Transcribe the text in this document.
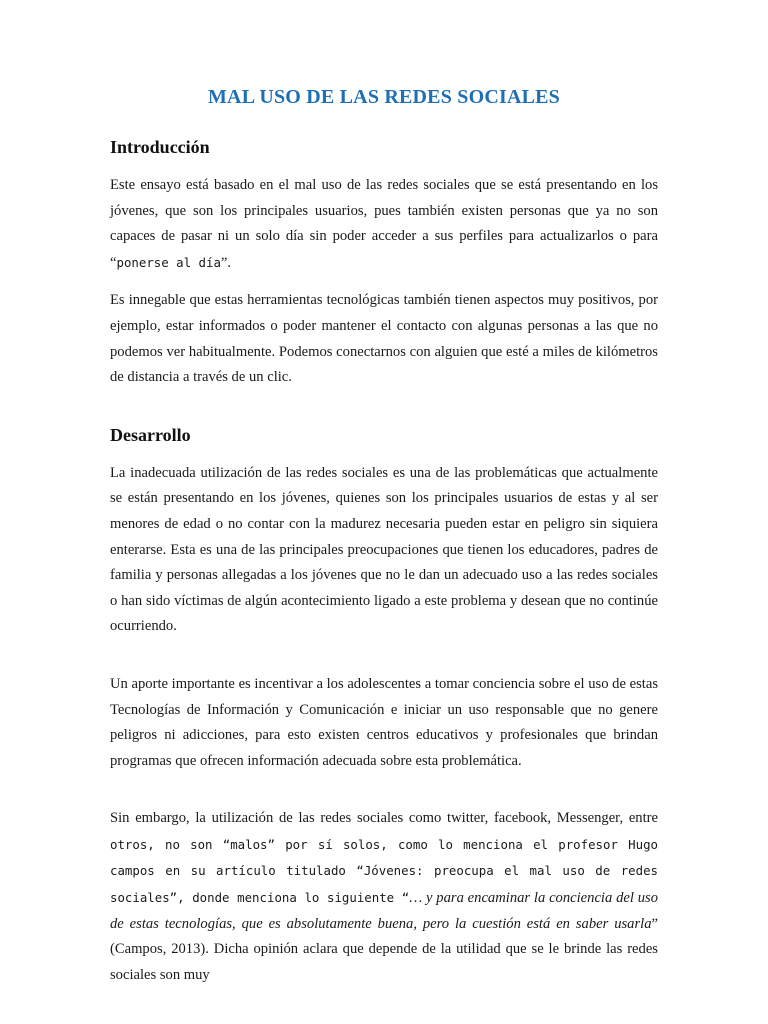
MAL USO DE LAS REDES SOCIALES
Introducción

Este ensayo está basado en el mal uso de las redes sociales que se está presentando en los jóvenes, que son los principales usuarios, pues también existen personas que ya no son capaces de pasar ni un solo día sin poder acceder a sus perfiles para actualizarlos o para “ponerse al día”.

Es innegable que estas herramientas tecnológicas también tienen aspectos muy positivos, por ejemplo, estar informados o poder mantener el contacto con algunas personas a las que no podemos ver habitualmente. Podemos conectarnos con alguien que esté a miles de kilómetros de distancia a través de un clic.

Desarrollo

La inadecuada utilización de las redes sociales es una de las problemáticas que actualmente se están presentando en los jóvenes, quienes son los principales usuarios de estas y al ser menores de edad o no contar con la madurez necesaria pueden estar en peligro sin siquiera enterarse. Esta es una de las principales preocupaciones que tienen los educadores, padres de familia y personas allegadas a los jóvenes que no le dan un adecuado uso a las redes sociales o han sido víctimas de algún acontecimiento ligado a este problema y desean que no continúe ocurriendo.

Un aporte importante es incentivar a los adolescentes a tomar conciencia sobre el uso de estas Tecnologías de Información y Comunicación e iniciar un uso responsable que no genere peligros ni adicciones, para esto existen centros educativos y profesionales que brindan programas que ofrecen información adecuada sobre esta problemática.

Sin embargo, la utilización de las redes sociales como twitter, facebook, Messenger, entre otros, no son “malos” por sí solos, como lo menciona el profesor Hugo campos en su artículo titulado “Jóvenes: preocupa el mal uso de redes sociales”, donde menciona lo siguiente “… y para encaminar la conciencia del uso de estas tecnologías, que es absolutamente buena, pero la cuestión está en saber usarla” (Campos, 2013). Dicha opinión aclara que depende de la utilidad que se le brinde las redes sociales son muy
